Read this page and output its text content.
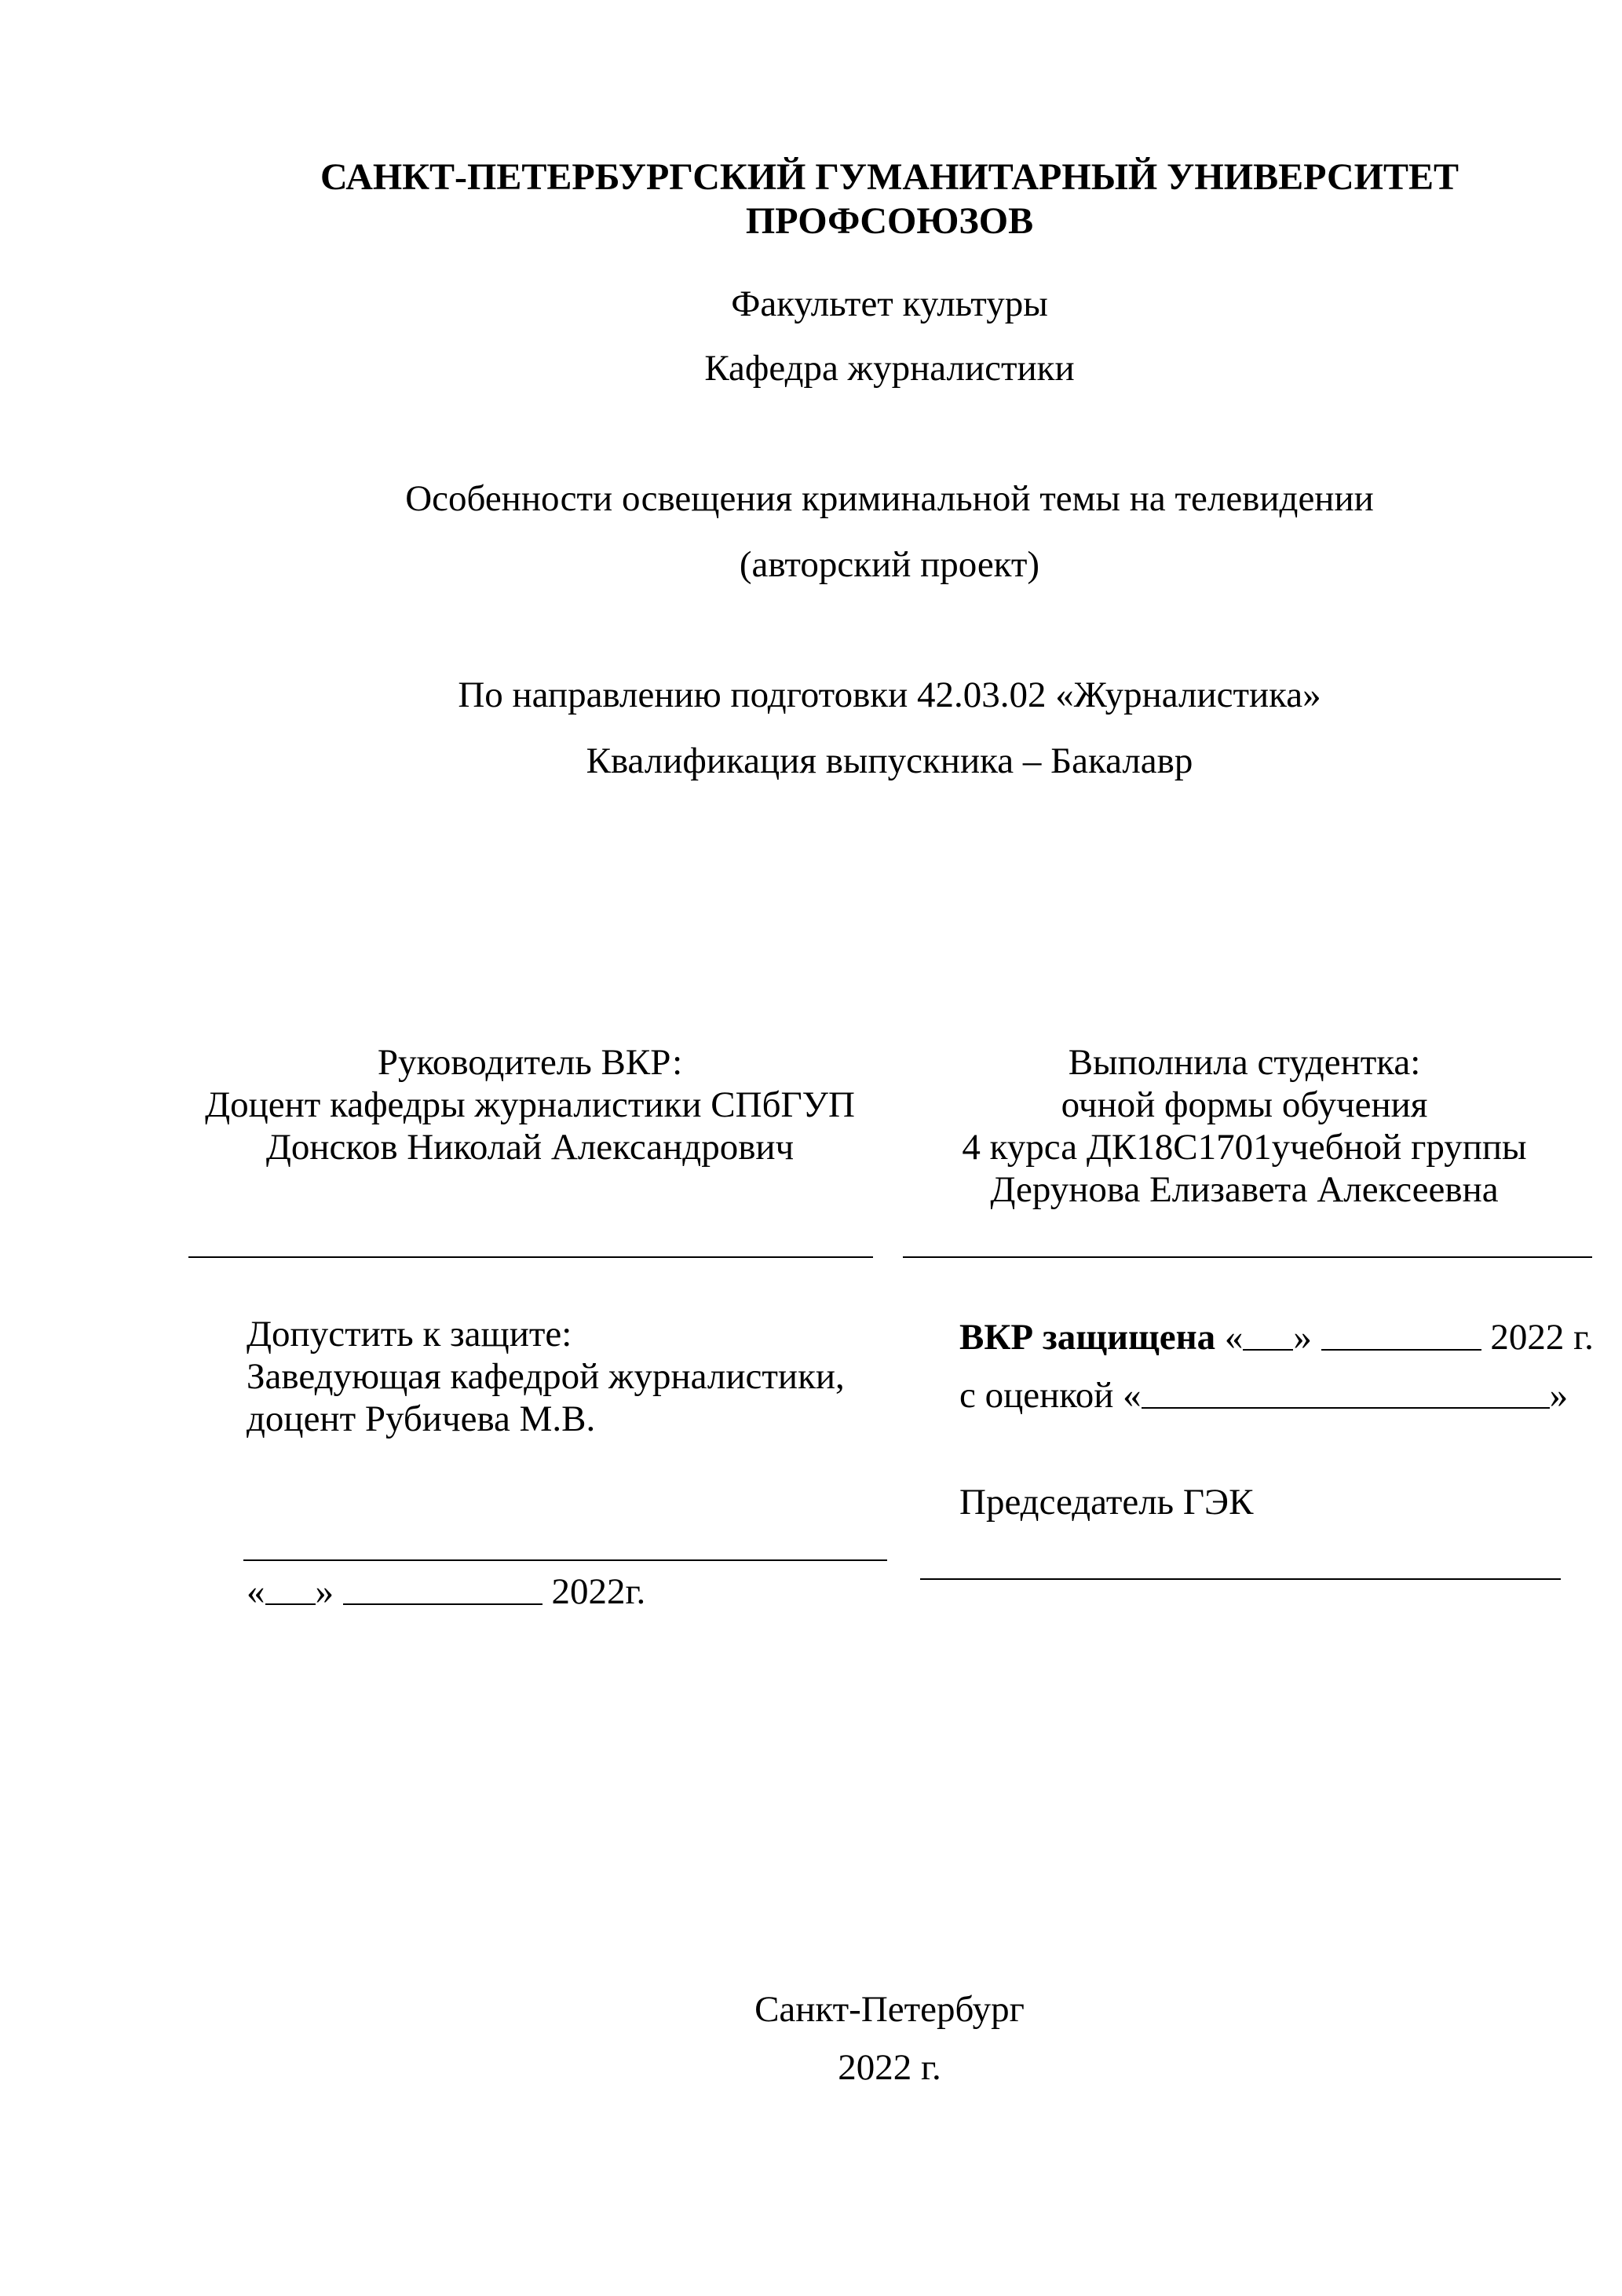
САНКТ-ПЕТЕРБУРГСКИЙ ГУМАНИТАРНЫЙ УНИВЕРСИТЕТ
ПРОФСОЮЗОВ
Факультет культуры
Кафедра журналистики
Особенности освещения криминальной темы на телевидении
(авторский проект)
По направлению подготовки 42.03.02 «Журналистика»
Квалификация выпускника – Бакалавр
Руководитель ВКР:
Доцент кафедры журналистики СПбГУП
Донсков Николай Александрович
Выполнила студентка:
очной формы обучения
4 курса ДК18С1701учебной группы
Дерунова Елизавета Алексеевна
Допустить к защите:
Заведующая кафедрой журналистики,
доцент Рубичева М.В.
« »	2022г.
ВКР защищена « »	2022 г.
с оценкой «	»
Председатель ГЭК
Санкт-Петербург
2022 г.
